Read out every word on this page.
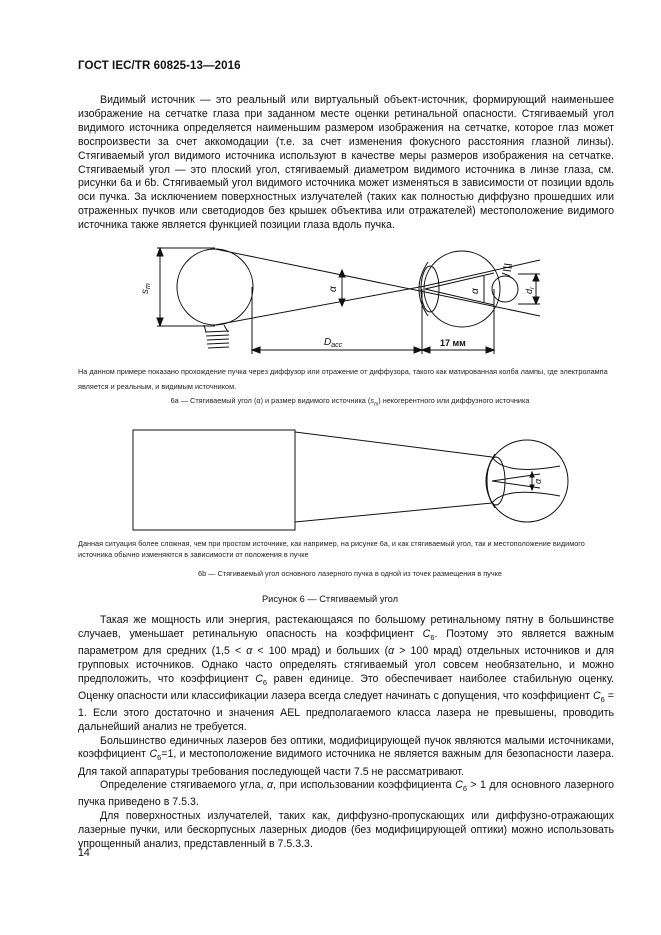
ГОСТ IEC/TR 60825-13—2016

Видимый источник — это реальный или виртуальный объект-источник, формирующий наименьшее изображение на сетчатке глаза при заданном месте оценки ретинальной опасности. Стягиваемый угол видимого источника определяется наименьшим размером изображения на сетчатке, которое глаз может воспроизвести за счет аккомодации (т.е. за счет изменения фокусного расстояния глазной линзы). Стягиваемый угол видимого источника используют в качестве меры размеров изображения на сетчатке. Стягиваемый угол — это плоский угол, стягиваемый диаметром видимого источника в линзе глаза, см. рисунки 6а и 6b. Стягиваемый угол видимого источника может изменяться в зависимости от позиции вдоль оси пучка. За исключением поверхностных излучателей (таких как полностью диффузно прошедших или отраженных пучков или светодиодов без крышек объектива или отражателей) местоположение видимого источника также является функцией позиции глаза вдоль пучка.

$s_m$
α	α	$d_r$
$D_{acc}$	17 мм

На данном примере показано прохождение пучка через диффузор или отражение от диффузора, такого как матированная колба лампы, где электролампа является и реальным, и видимым источником.

6a — Стягиваемый угол (α) и размер видимого источника $(s_m)$ некогерентного или диффузного источника

α

Данная ситуация более сложная, чем при простом источнике, как например, на рисунке 6а, и как стягиваемый угол, так и местоположение видимого источника обычно изменяются в зависимости от положения в пучке

6b — Стягиваемый угол основного лазерного пучка в одной из точек размещения в пучке

Рисунок 6 — Стягиваемый угол

Такая же мощность или энергия, растекающаяся по большому ретинальному пятну в большинстве случаев, уменьшает ретинальную опасность на коэффициент $C_6$. Поэтому это является важным параметром для средних (1,5 < α < 100 мрад) и больших (α > 100 мрад) отдельных источников и для групповых источников. Однако часто определять стягиваемый угол совсем необязательно, и можно предположить, что коэффициент $C_6$ равен единице. Это обеспечивает наиболее стабильную оценку. Оценку опасности или классификации лазера всегда следует начинать с допущения, что коэффициент $C_6 = 1$. Если этого достаточно и значения AEL предполагаемого класса лазера не превышены, проводить дальнейший анализ не требуется.

Большинство единичных лазеров без оптики, модифицирующей пучок являются малыми источниками, коэффициент $C_6=1$, и местоположение видимого источника не является важным для безопасности лазера. Для такой аппаратуры требования последующей части 7.5 не рассматривают.

Определение стягиваемого угла, α, при использовании коэффициента $C_6 > 1$ для основного лазерного пучка приведено в 7.5.3.

Для поверхностных излучателей, таких как, диффузно-пропускающих или диффузно-отражающих лазерные пучки, или бескорпусных лазерных диодов (без модифицирующей оптики) можно использовать упрощенный анализ, представленный в 7.5.3.3.

14
